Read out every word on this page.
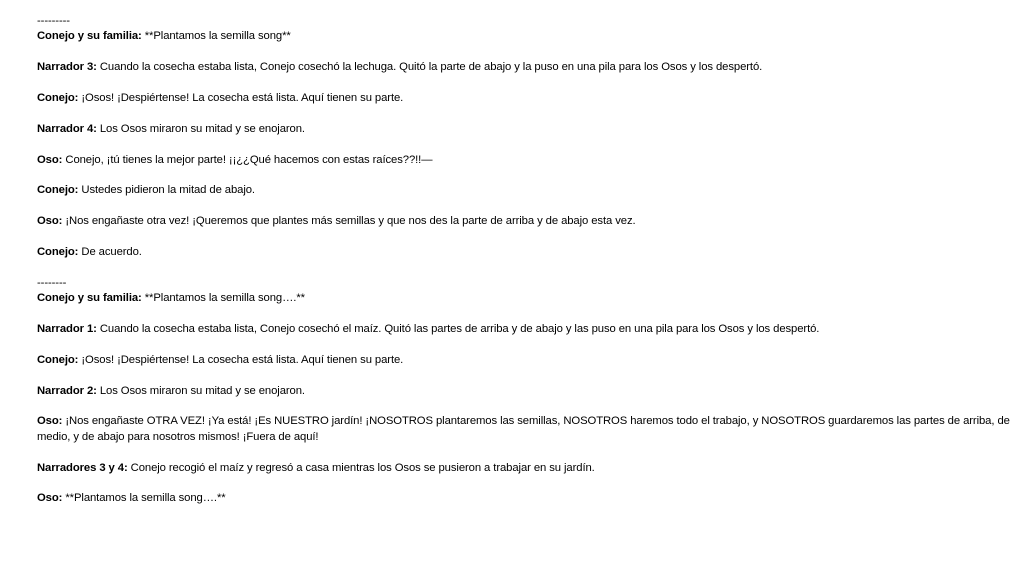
---------

Conejo y su familia: **Plantamos la semilla song**

Narrador 3: Cuando la cosecha estaba lista, Conejo cosechó la lechuga. Quitó la parte de abajo y la puso en una pila para los Osos y los despertó.

Conejo: ¡Osos! ¡Despiértense! La cosecha está lista. Aquí tienen su parte.

Narrador 4: Los Osos miraron su mitad y se enojaron.

Oso: Conejo, ¡tú tienes la mejor parte! ¡¡¿¿Qué hacemos con estas raíces??!!—

Conejo: Ustedes pidieron la mitad de abajo.

Oso: ¡Nos engañaste otra vez! ¡Queremos que plantes más semillas y que nos des la parte de arriba y de abajo esta vez.

Conejo: De acuerdo.

--------

Conejo y su familia: **Plantamos la semilla song….**

Narrador 1: Cuando la cosecha estaba lista, Conejo cosechó el maíz. Quitó las partes de arriba y de abajo y las puso en una pila para los Osos y los despertó.

Conejo: ¡Osos! ¡Despiértense! La cosecha está lista. Aquí tienen su parte.

Narrador 2: Los Osos miraron su mitad y se enojaron.

Oso: ¡Nos engañaste OTRA VEZ! ¡Ya está! ¡Es NUESTRO jardín! ¡NOSOTROS plantaremos las semillas, NOSOTROS haremos todo el trabajo, y NOSOTROS guardaremos las partes de arriba, de medio, y de abajo para nosotros mismos! ¡Fuera de aquí!

Narradores 3 y 4: Conejo recogió el maíz y regresó a casa mientras los Osos se pusieron a trabajar en su jardín.

Oso: **Plantamos la semilla song….**
